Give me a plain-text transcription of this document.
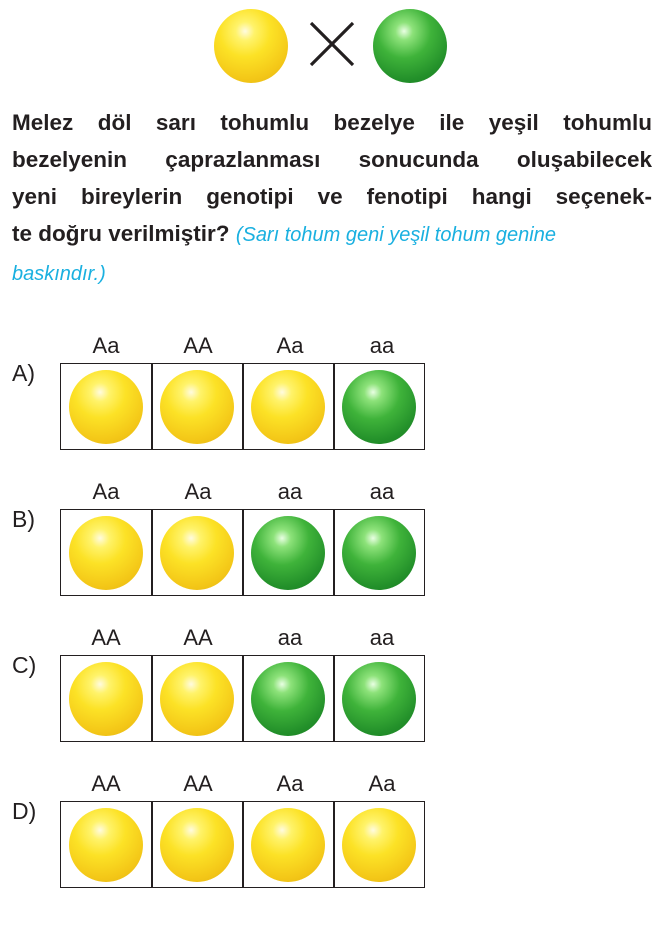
Melez döl sarı tohumlu bezelye ile yeşil tohumlu
bezelyenin çaprazlanması sonucunda oluşabilecek
yeni bireylerin genotipi ve fenotipi hangi seçenek-
te doğru verilmiştir? (Sarı tohum geni yeşil tohum genine
baskındır.)
A)
Aa	AA	Aa	aa
B)
Aa	Aa	aa	aa
C)
AA	AA	aa	aa
D)
AA	AA	Aa	Aa
